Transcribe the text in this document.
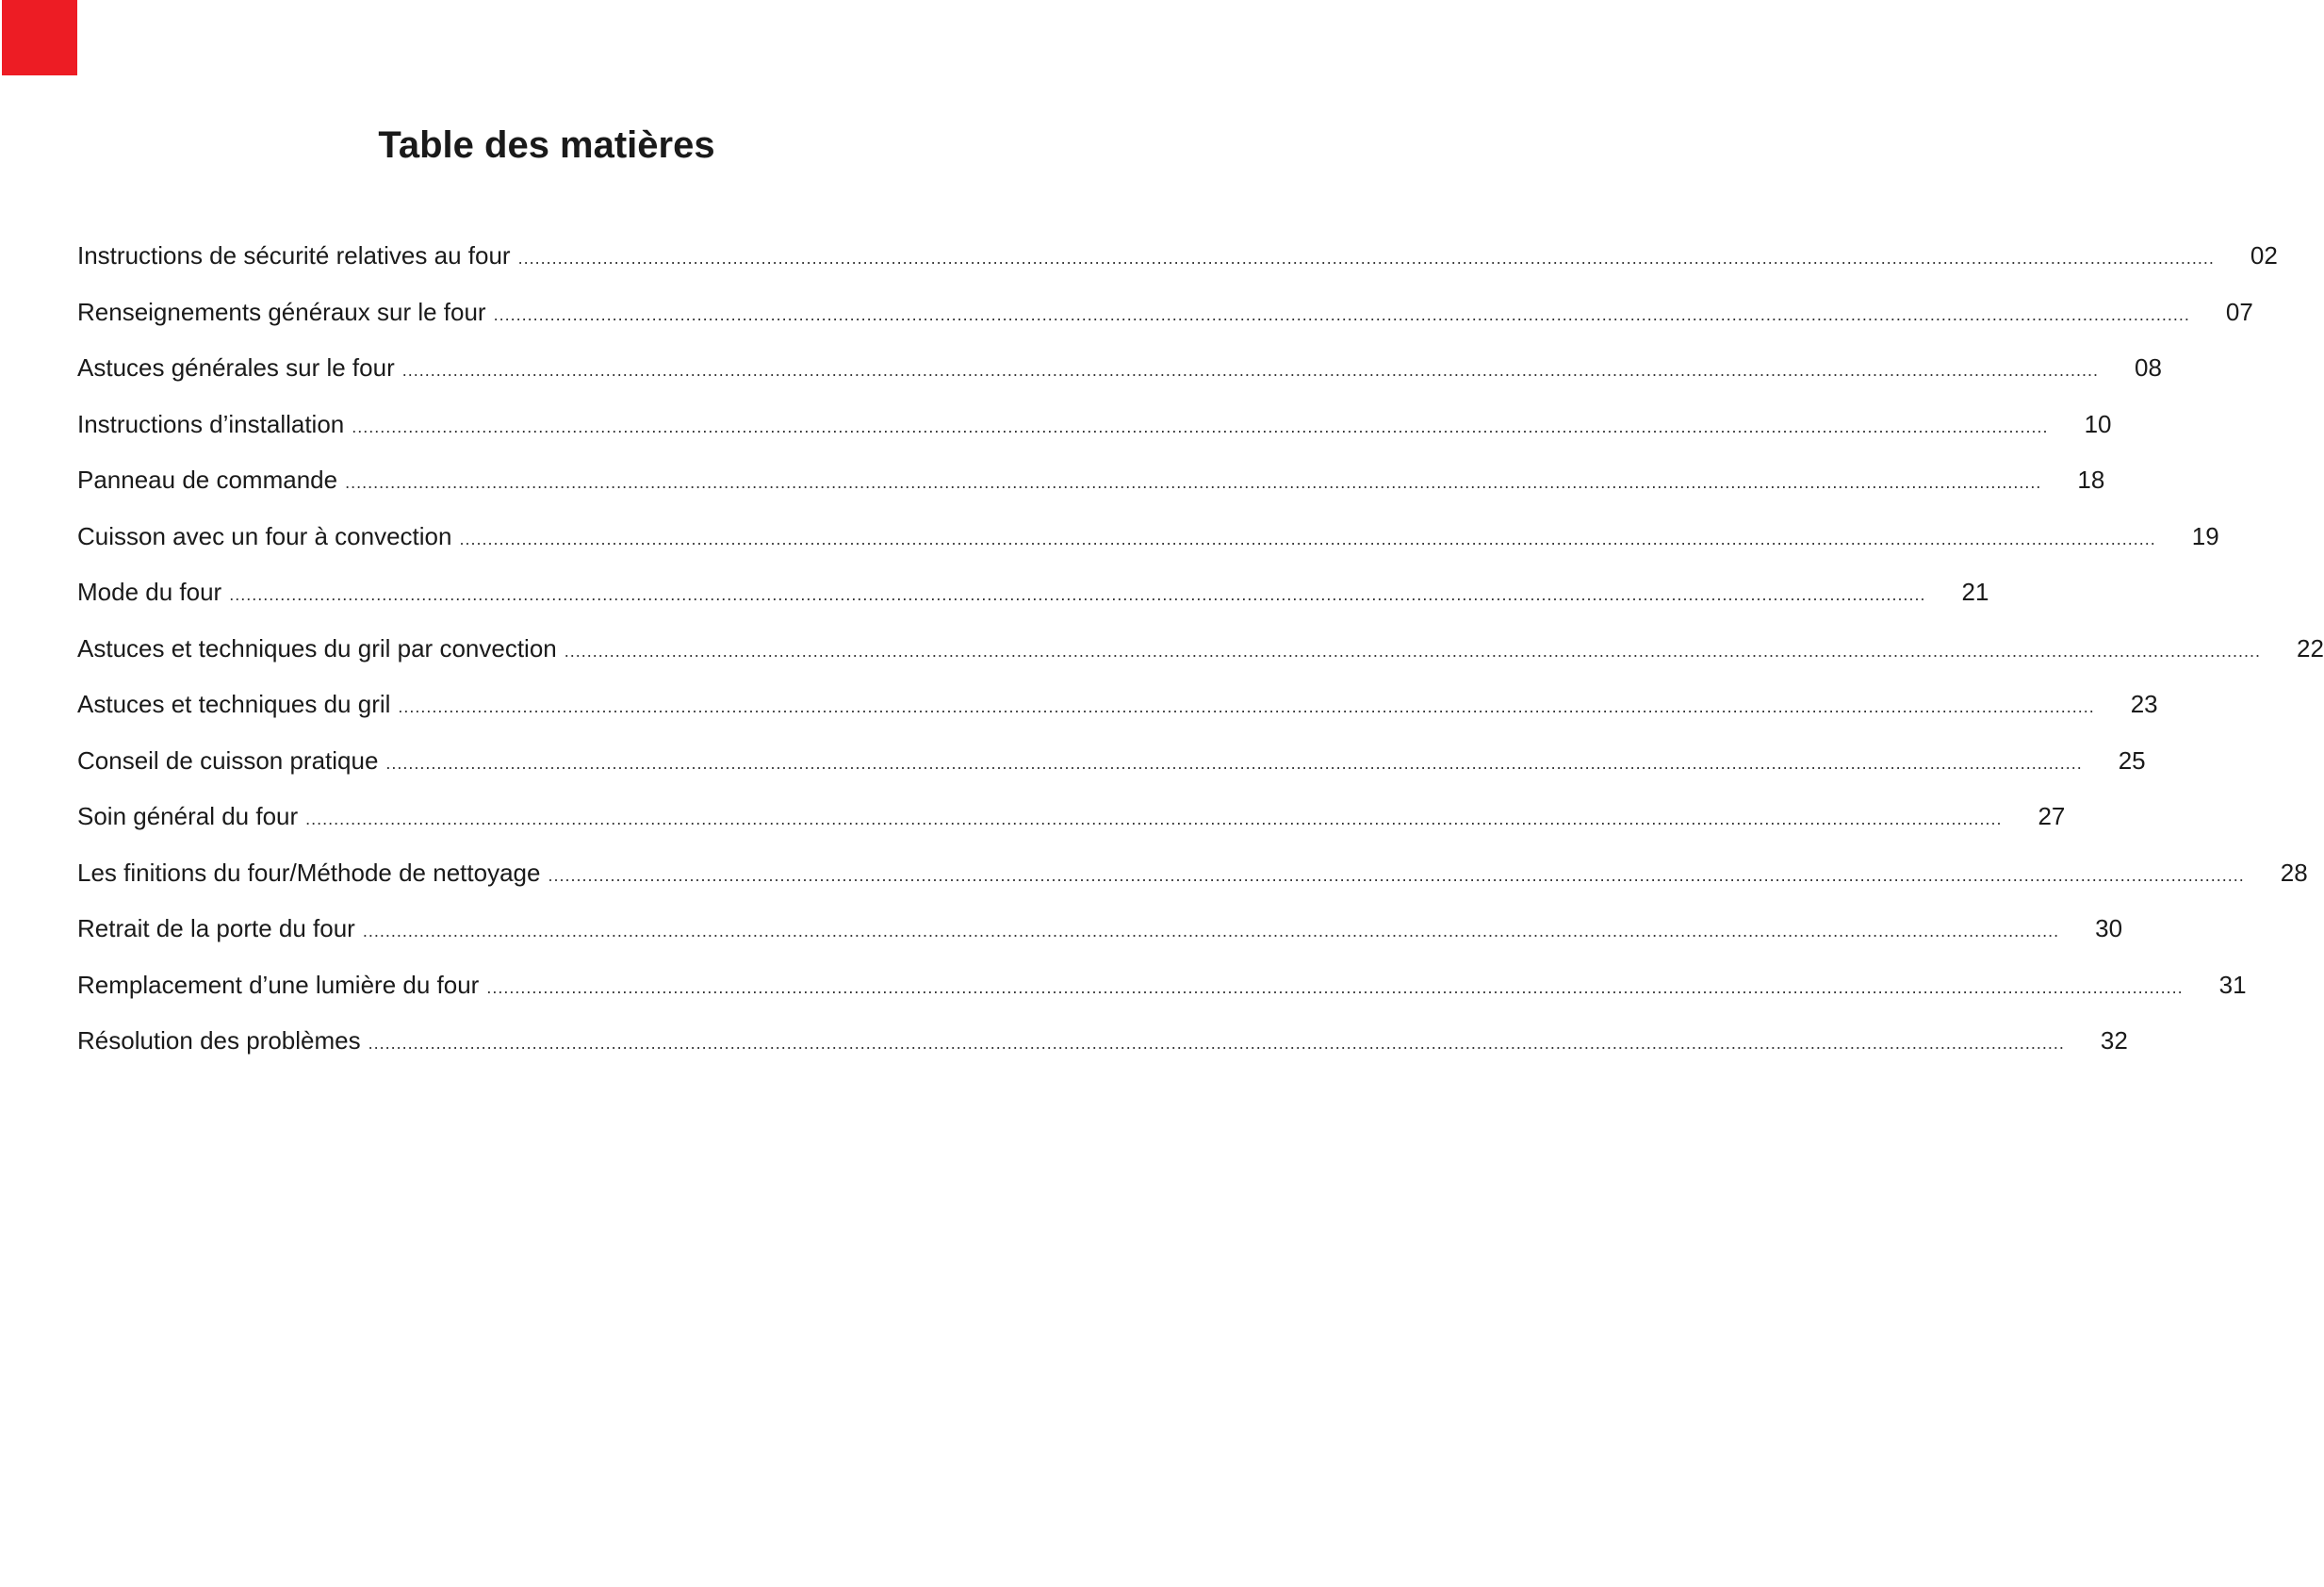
Table des matières
Instructions de sécurité relatives au four ............................................................................................................................................................................................................................................................................................................ 02
Renseignements généraux sur le four ............................................................................................................................................................................................................................................................................................................ 07
Astuces générales sur le four ............................................................................................................................................................................................................................................................................................................ 08
Instructions d’installation ............................................................................................................................................................................................................................................................................................................ 10
Panneau de commande ............................................................................................................................................................................................................................................................................................................ 18
Cuisson avec un four à convection ............................................................................................................................................................................................................................................................................................................ 19
Mode du four ............................................................................................................................................................................................................................................................................................................ 21
Astuces et techniques du gril par convection ............................................................................................................................................................................................................................................................................................................ 22
Astuces et techniques du gril ............................................................................................................................................................................................................................................................................................................ 23
Conseil de cuisson pratique ............................................................................................................................................................................................................................................................................................................ 25
Soin général du four ............................................................................................................................................................................................................................................................................................................ 27
Les finitions du four/Méthode de nettoyage ............................................................................................................................................................................................................................................................................................................ 28
Retrait de la porte du four ............................................................................................................................................................................................................................................................................................................ 30
Remplacement d’une lumière du four ............................................................................................................................................................................................................................................................................................................ 31
Résolution des problèmes ............................................................................................................................................................................................................................................................................................................ 32
